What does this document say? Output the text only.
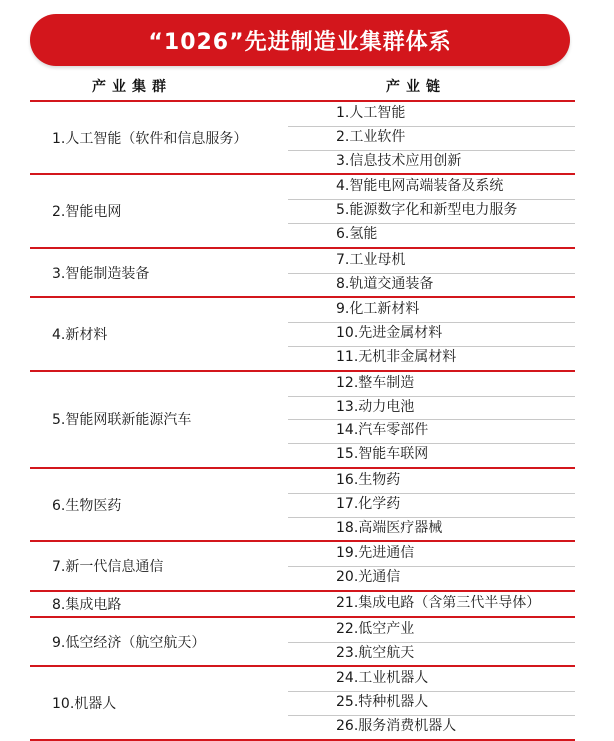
“1026”先进制造业集群体系
产业集群	产业链
1.人工智能（软件和信息服务）
1.人工智能
2.工业软件
3.信息技术应用创新
2.智能电网
4.智能电网高端装备及系统
5.能源数字化和新型电力服务
6.氢能
3.智能制造装备
7.工业母机
8.轨道交通装备
4.新材料
9.化工新材料
10.先进金属材料
11.无机非金属材料
5.智能网联新能源汽车
12.整车制造
13.动力电池
14.汽车零部件
15.智能车联网
6.生物医药
16.生物药
17.化学药
18.高端医疗器械
7.新一代信息通信
19.先进通信
20.光通信
8.集成电路	21.集成电路（含第三代半导体）
9.低空经济（航空航天）
22.低空产业
23.航空航天
10.机器人
24.工业机器人
25.特种机器人
26.服务消费机器人
